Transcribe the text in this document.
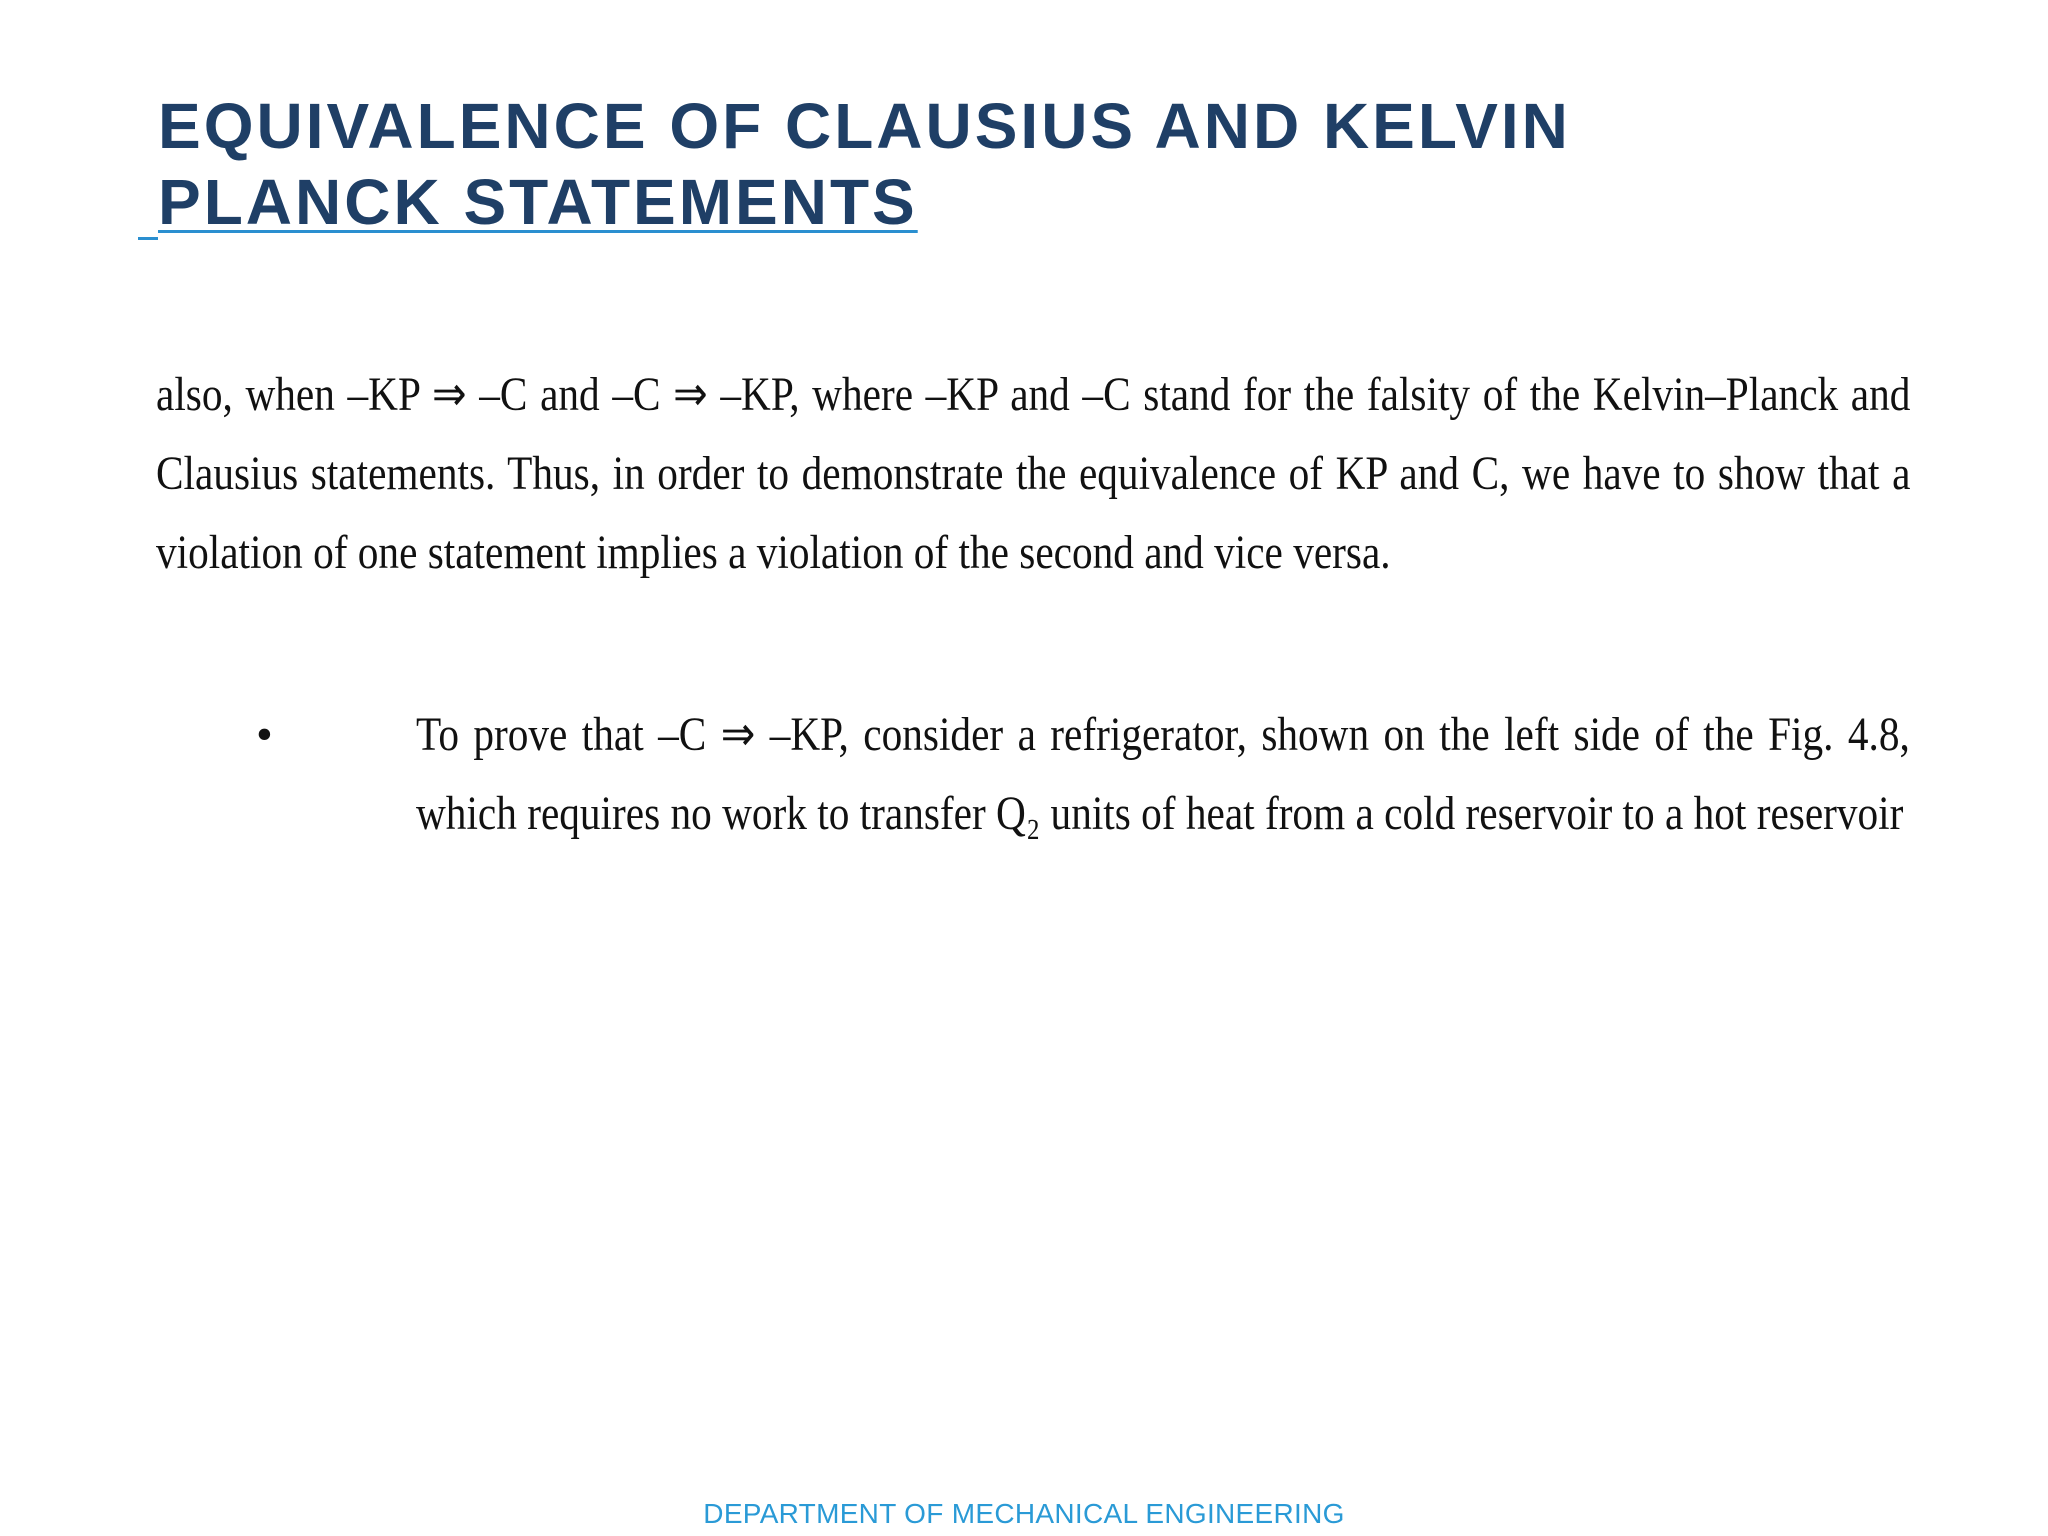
EQUIVALENCE OF CLAUSIUS AND KELVIN
PLANCK STATEMENTS

also, when –KP ⇒ –C and –C ⇒ –KP, where –KP and –C stand for the falsity of the Kelvin–Planck and Clausius statements. Thus, in order to demonstrate the equivalence of KP and C, we have to show that a violation of one statement implies a violation of the second and vice versa.

•	To prove that –C ⇒ –KP, consider a refrigerator, shown on the left side of the Fig. 4.8, which requires no work to transfer Q₂ units of heat from a cold reservoir to a hot reservoir

DEPARTMENT OF MECHANICAL ENGINEERING
